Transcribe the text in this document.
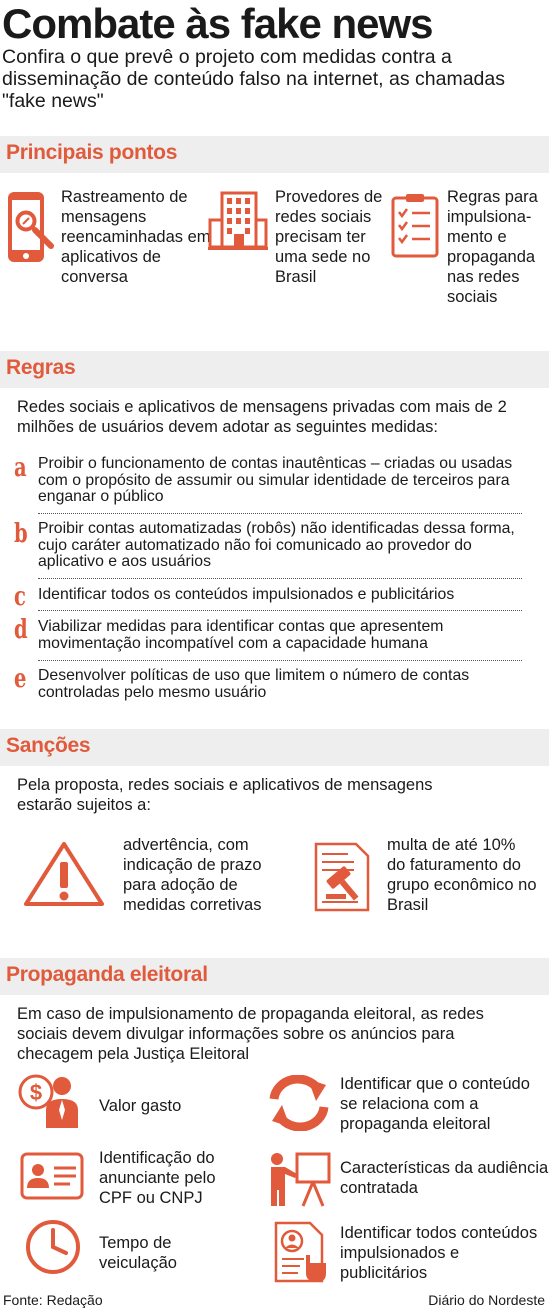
Combate às fake news
Confira o que prevê o projeto com medidas contra a disseminação de conteúdo falso na internet, as chamadas "fake news"
Principais pontos
Rastreamento de mensagens reencaminhadas em aplicativos de conversa
Provedores de redes sociais precisam ter uma sede no Brasil
Regras para impulsiona-mento e propaganda nas redes sociais
Regras
Redes sociais e aplicativos de mensagens privadas com mais de 2 milhões de usuários devem adotar as seguintes medidas:
a Proibir o funcionamento de contas inautênticas – criadas ou usadas com o propósito de assumir ou simular identidade de terceiros para enganar o público
b Proibir contas automatizadas (robôs) não identificadas dessa forma, cujo caráter automatizado não foi comunicado ao provedor do aplicativo e aos usuários
c Identificar todos os conteúdos impulsionados e publicitários
d Viabilizar medidas para identificar contas que apresentem movimentação incompatível com a capacidade humana
e Desenvolver políticas de uso que limitem o número de contas controladas pelo mesmo usuário
Sanções
Pela proposta, redes sociais e aplicativos de mensagens estarão sujeitos a:
advertência, com indicação de prazo para adoção de medidas corretivas
multa de até 10% do faturamento do grupo econômico no Brasil
Propaganda eleitoral
Em caso de impulsionamento de propaganda eleitoral, as redes sociais devem divulgar informações sobre os anúncios para checagem pela Justiça Eleitoral
$
Valor gasto
Identificar que o conteúdo se relaciona com a propaganda eleitoral
Identificação do anunciante pelo CPF ou CNPJ
Características da audiência contratada
Tempo de veiculação
Identificar todos conteúdos impulsionados e publicitários
Fonte: Redação	Diário do Nordeste
